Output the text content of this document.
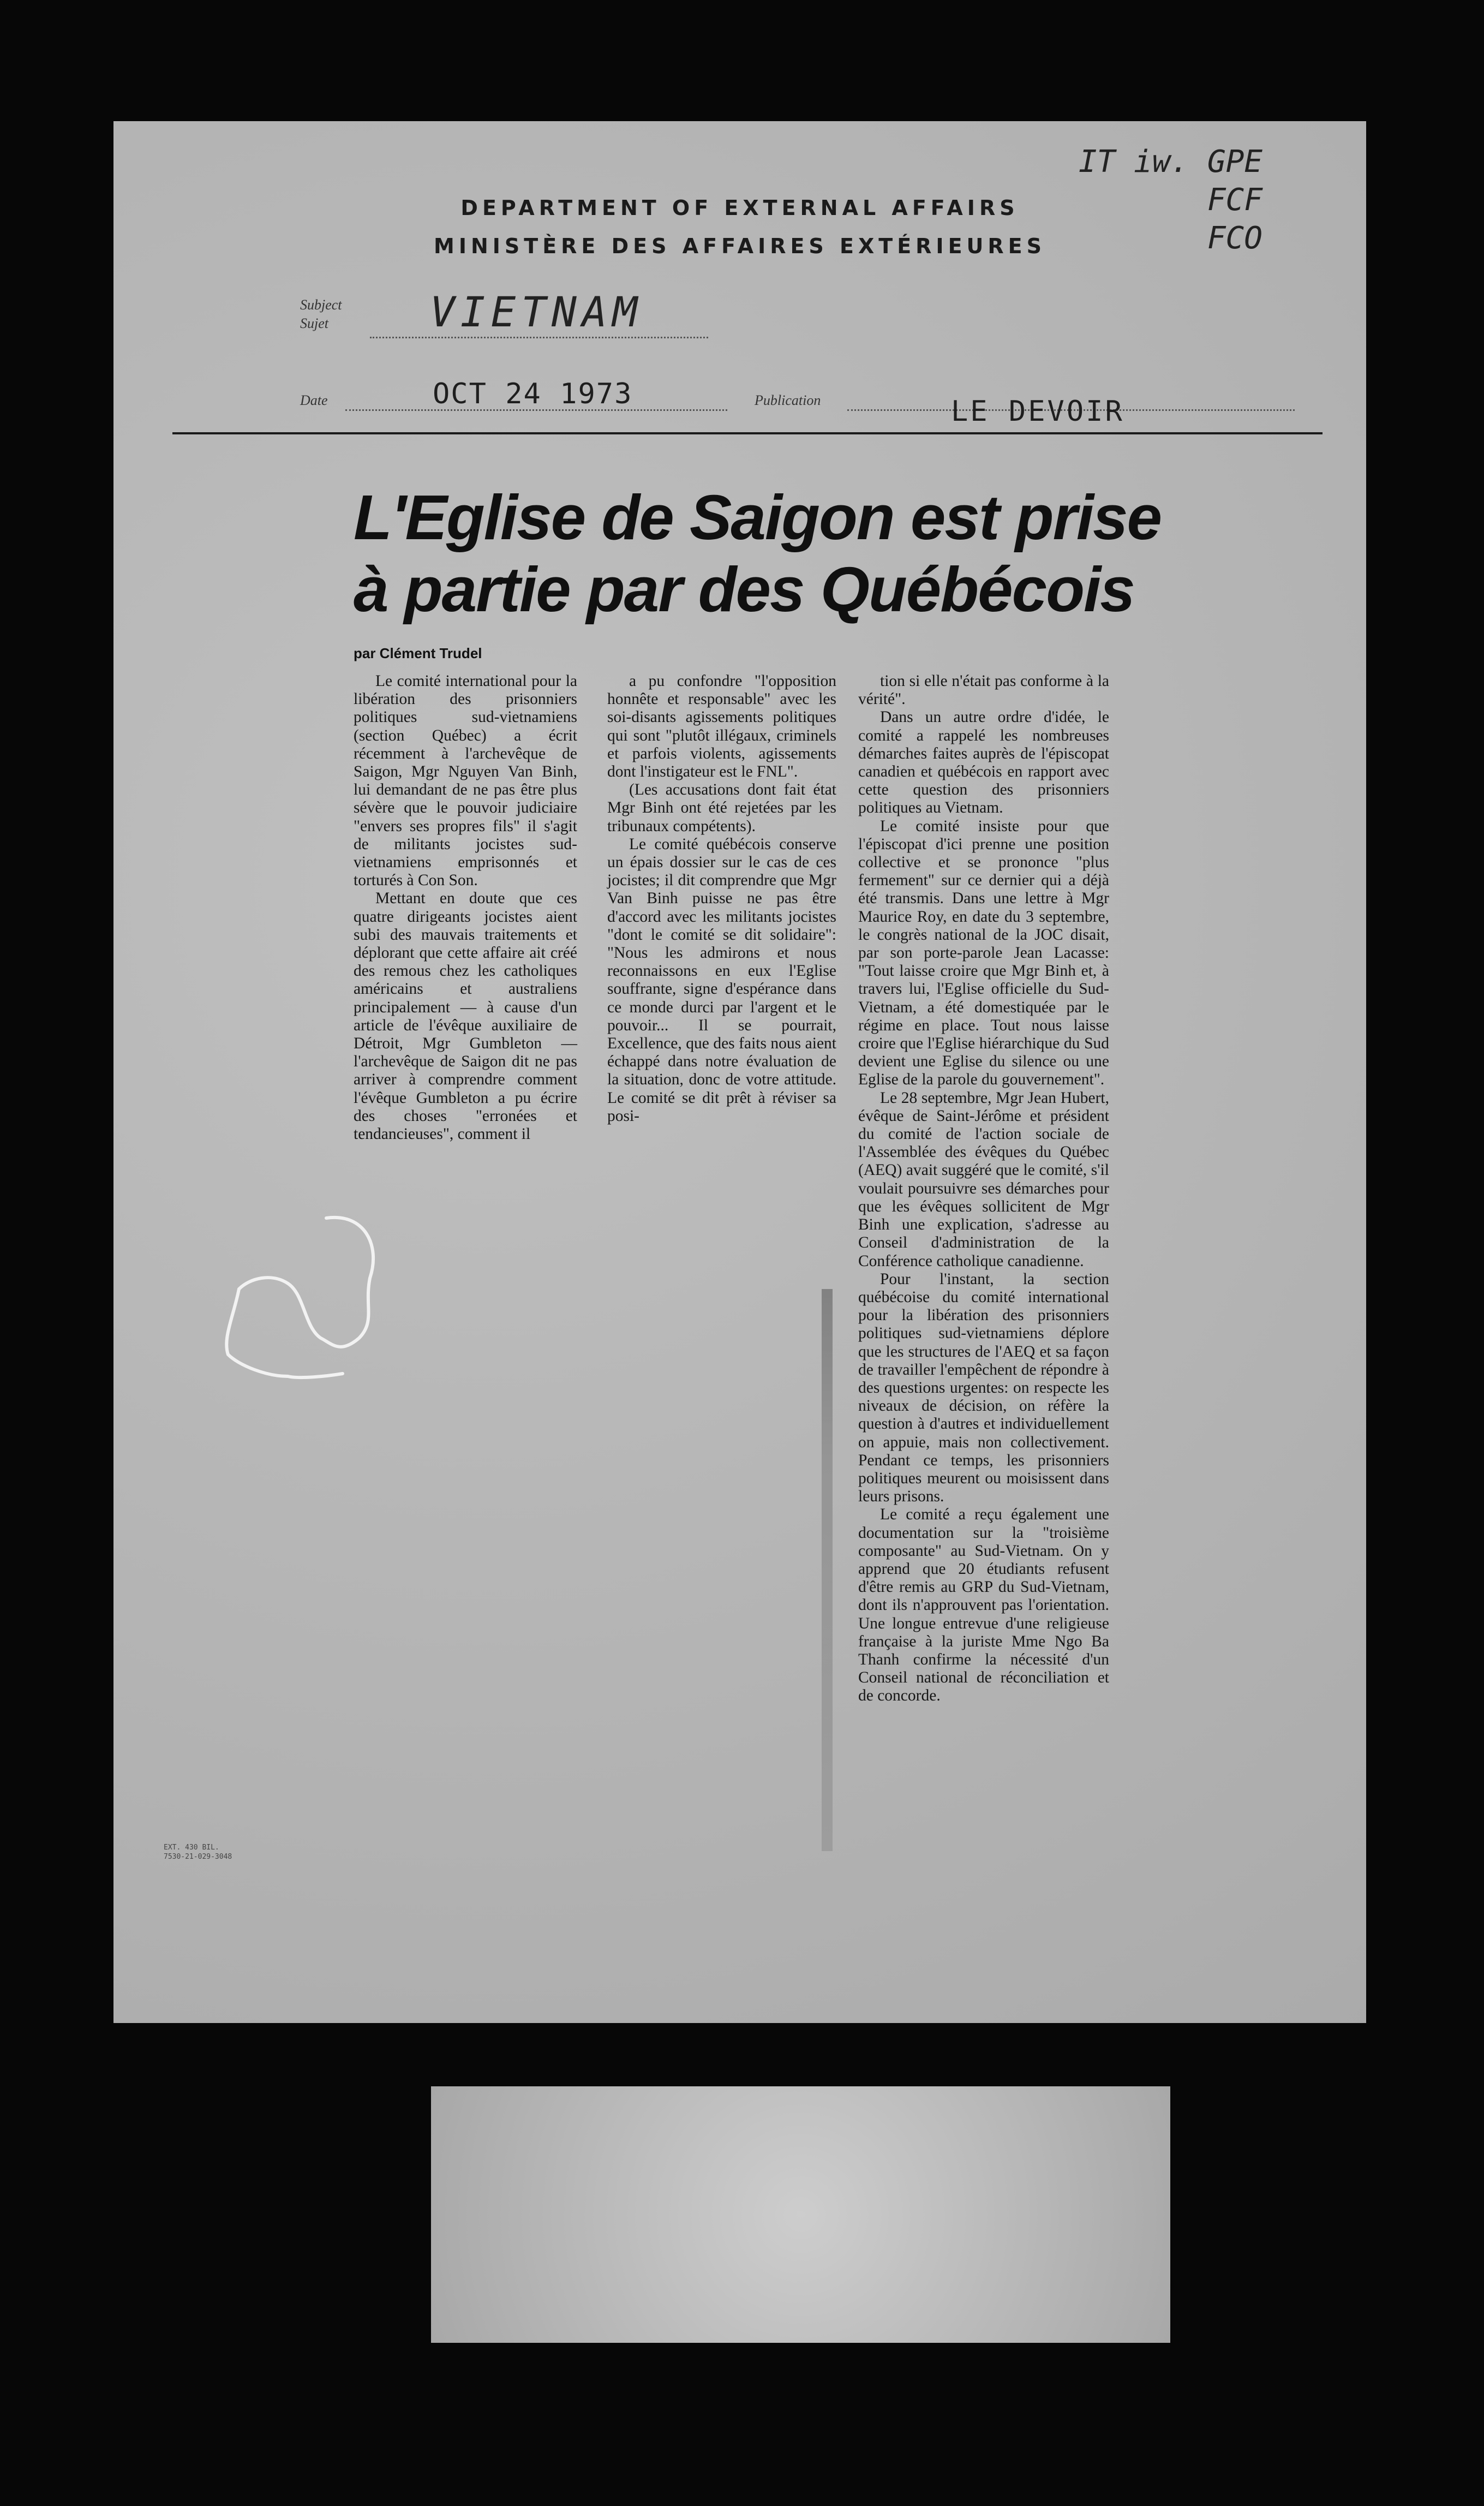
DEPARTMENT OF EXTERNAL AFFAIRS
MINISTÈRE DES AFFAIRES EXTÉRIEURES
IT iw. GPE
FCF
FCO
Subject
Sujet	VIETNAM
Date	OCT 24 1973	Publication	LE DEVOIR
L'Eglise de Saigon est prise
à partie par des Québécois
par Clément Trudel

Le comité international pour la libération des prisonniers politiques sud-vietnamiens (section Québec) a écrit récemment à l'archevêque de Saigon, Mgr Nguyen Van Binh, lui demandant de ne pas être plus sévère que le pouvoir judiciaire "envers ses propres fils" il s'agit de militants jocistes sud-vietnamiens emprisonnés et torturés à Con Son.

Mettant en doute que ces quatre dirigeants jocistes aient subi des mauvais traitements et déplorant que cette affaire ait créé des remous chez les catholiques américains et australiens principalement — à cause d'un article de l'évêque auxiliaire de Détroit, Mgr Gumbleton — l'archevêque de Saigon dit ne pas arriver à comprendre comment l'évêque Gumbleton a pu écrire des choses "erronées et tendancieuses", comment il

a pu confondre "l'opposition honnête et responsable" avec les soi-disants agissements politiques qui sont "plutôt illégaux, criminels et parfois violents, agissements dont l'instigateur est le FNL".

(Les accusations dont fait état Mgr Binh ont été rejetées par les tribunaux compétents).

Le comité québécois conserve un épais dossier sur le cas de ces jocistes; il dit comprendre que Mgr Van Binh puisse ne pas être d'accord avec les militants jocistes "dont le comité se dit solidaire": "Nous les admirons et nous reconnaissons en eux l'Eglise souffrante, signe d'espérance dans ce monde durci par l'argent et le pouvoir... Il se pourrait, Excellence, que des faits nous aient échappé dans notre évaluation de la situation, donc de votre attitude. Le comité se dit prêt à réviser sa posi-

tion si elle n'était pas conforme à la vérité".

Dans un autre ordre d'idée, le comité a rappelé les nombreuses démarches faites auprès de l'épiscopat canadien et québécois en rapport avec cette question des prisonniers politiques au Vietnam.

Le comité insiste pour que l'épiscopat d'ici prenne une position collective et se prononce "plus fermement" sur ce dernier qui a déjà été transmis. Dans une lettre à Mgr Maurice Roy, en date du 3 septembre, le congrès national de la JOC disait, par son porte-parole Jean Lacasse: "Tout laisse croire que Mgr Binh et, à travers lui, l'Eglise officielle du Sud-Vietnam, a été domestiquée par le régime en place. Tout nous laisse croire que l'Eglise hiérarchique du Sud devient une Eglise du silence ou une Eglise de la parole du gouvernement".

Le 28 septembre, Mgr Jean Hubert, évêque de Saint-Jérôme et président du comité de l'action sociale de l'Assemblée des évêques du Québec (AEQ) avait suggéré que le comité, s'il voulait poursuivre ses démarches pour que les évêques sollicitent de Mgr Binh une explication, s'adresse au Conseil d'administration de la Conférence catholique canadienne.

Pour l'instant, la section québécoise du comité international pour la libération des prisonniers politiques sud-vietnamiens déplore que les structures de l'AEQ et sa façon de travailler l'empêchent de répondre à des questions urgentes: on respecte les niveaux de décision, on réfère la question à d'autres et individuellement on appuie, mais non collectivement. Pendant ce temps, les prisonniers politiques meurent ou moisissent dans leurs prisons.

Le comité a reçu également une documentation sur la "troisième composante" au Sud-Vietnam. On y apprend que 20 étudiants refusent d'être remis au GRP du Sud-Vietnam, dont ils n'approuvent pas l'orientation. Une longue entrevue d'une religieuse française à la juriste Mme Ngo Ba Thanh confirme la nécessité d'un Conseil national de réconciliation et de concorde.

EXT. 430 BIL.
7530-21-029-3048
